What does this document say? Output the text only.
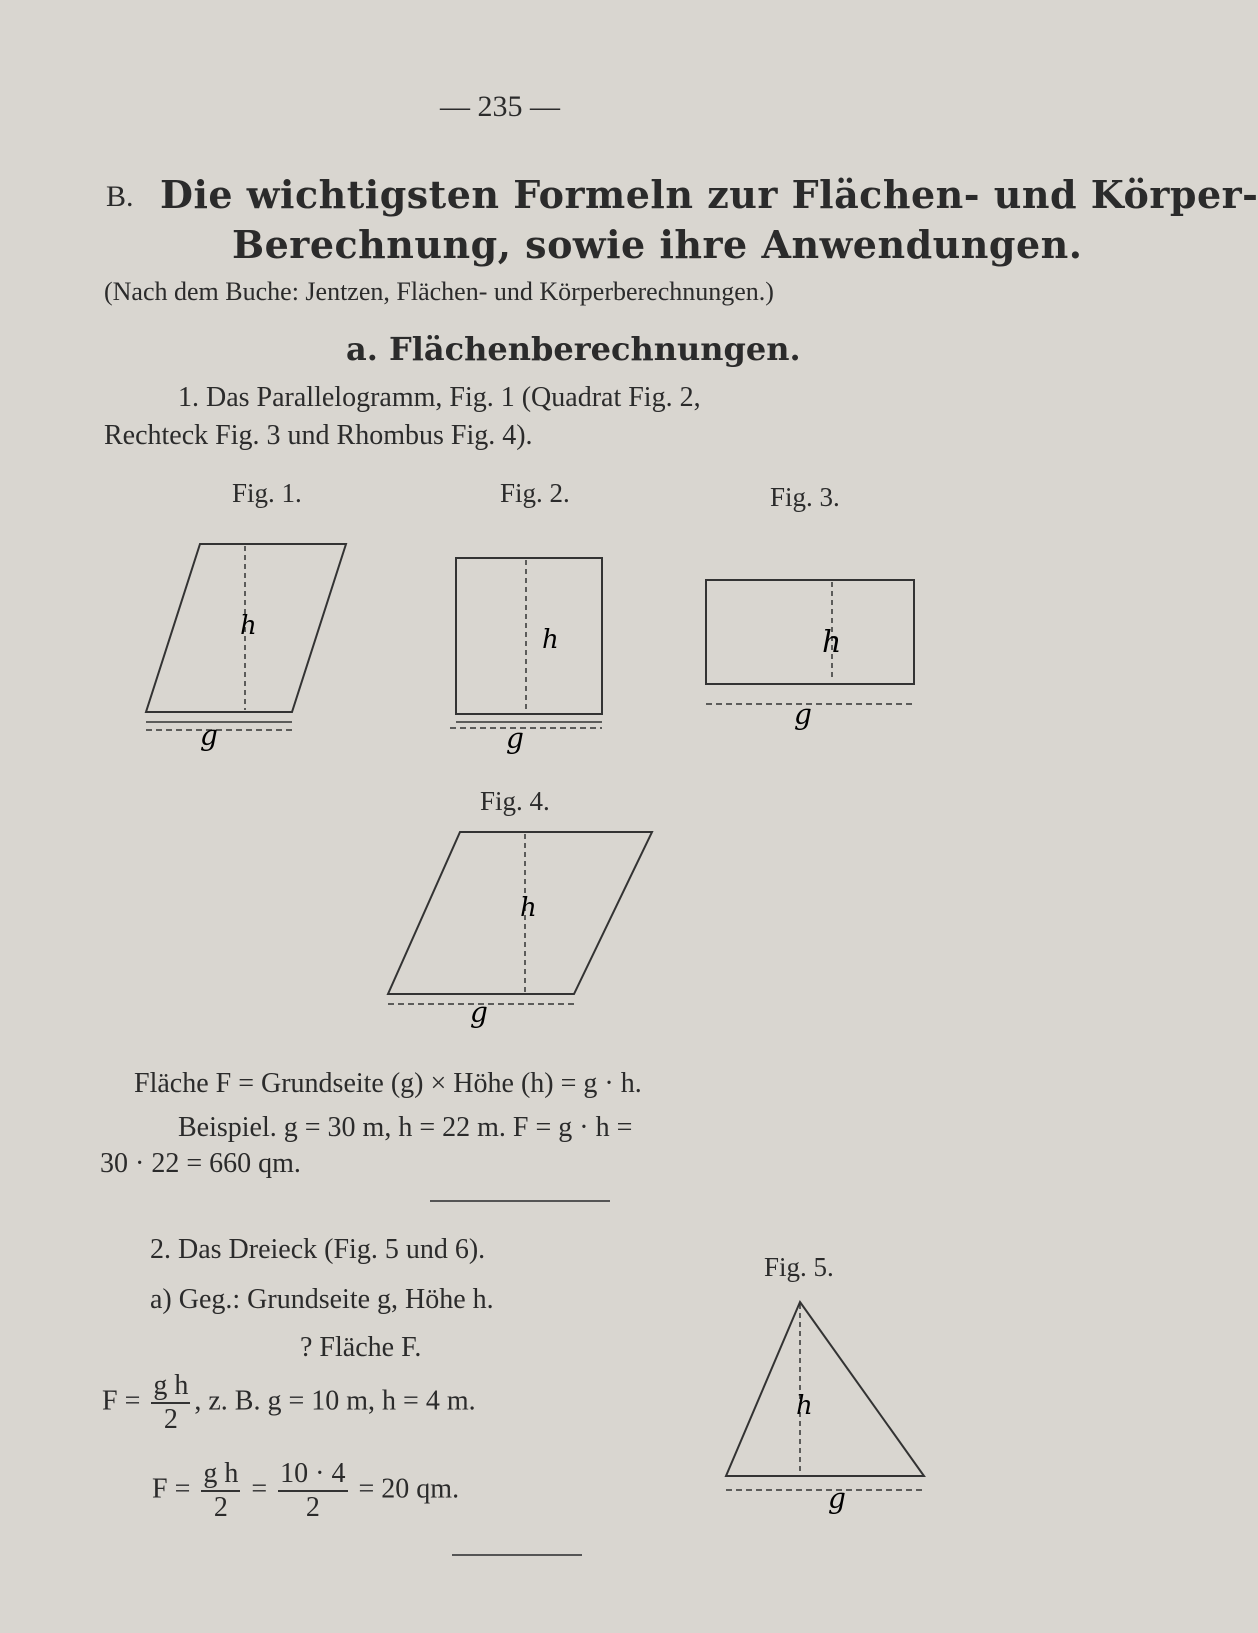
— 235 —
B. Die wichtigsten Formeln zur Flächen- und Körper-
Berechnung, sowie ihre Anwendungen.
(Nach dem Buche: Jentzen, Flächen- und Körperberechnungen.)
a. Flächenberechnungen.
1. Das Parallelogramm, Fig. 1 (Quadrat Fig. 2,
Rechteck Fig. 3 und Rhombus Fig. 4).
Fig. 1.	Fig. 2.	Fig. 3.
h
g
h
g
h
g
Fig. 4.
h
g
Fläche F = Grundseite (g) × Höhe (h) = g · h.
Beispiel. g = 30 m, h = 22 m. F = g · h =
30 · 22 = 660 qm.
2. Das Dreieck (Fig. 5 und 6).
Fig. 5.
a) Geg.: Grundseite g, Höhe h.
? Fläche F.
$F = \frac{\text{g h}}{2}$ , z. B. g = 10 m, h = 4 m.
$F = \frac{\text{g h}}{2} = \frac{10 \cdot 4}{2} = 20$ qm.
h
g
